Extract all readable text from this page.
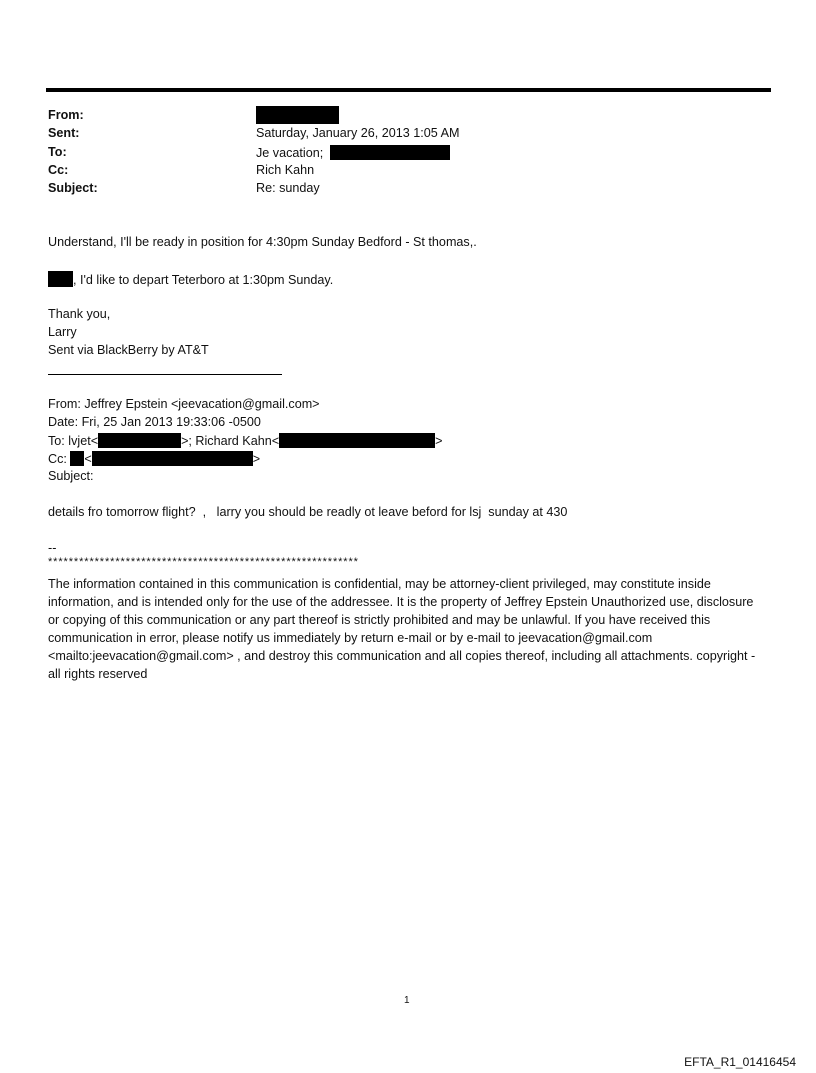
From:
Sent:	Saturday, January 26, 2013 1:05 AM
To:	Je vacation;
Cc:	Rich Kahn
Subject:	Re: sunday
Understand, I'll be ready in position for 4:30pm Sunday Bedford - St thomas,.
, I'd like to depart Teterboro at 1:30pm Sunday.
Thank you,
Larry
Sent via BlackBerry by AT&T
From: Jeffrey Epstein <jeevacation@gmail.com>
Date: Fri, 25 Jan 2013 19:33:06 -0500
To: lvjet<	>; Richard Kahn<	>
Cc: <	>
Subject:
details fro tomorrow flight?  ,   larry you should be readly ot leave beford for lsj  sunday at 430
--
************************************************************
The information contained in this communication is confidential, may be attorney-client privileged, may constitute inside information, and is intended only for the use of the addressee. It is the property of Jeffrey Epstein Unauthorized use, disclosure or copying of this communication or any part thereof is strictly prohibited and may be unlawful. If you have received this communication in error, please notify us immediately by return e-mail or by e-mail to jeevacation@gmail.com <mailto:jeevacation@gmail.com> , and destroy this communication and all copies thereof, including all attachments. copyright -all rights reserved
1
EFTA_R1_01416454
